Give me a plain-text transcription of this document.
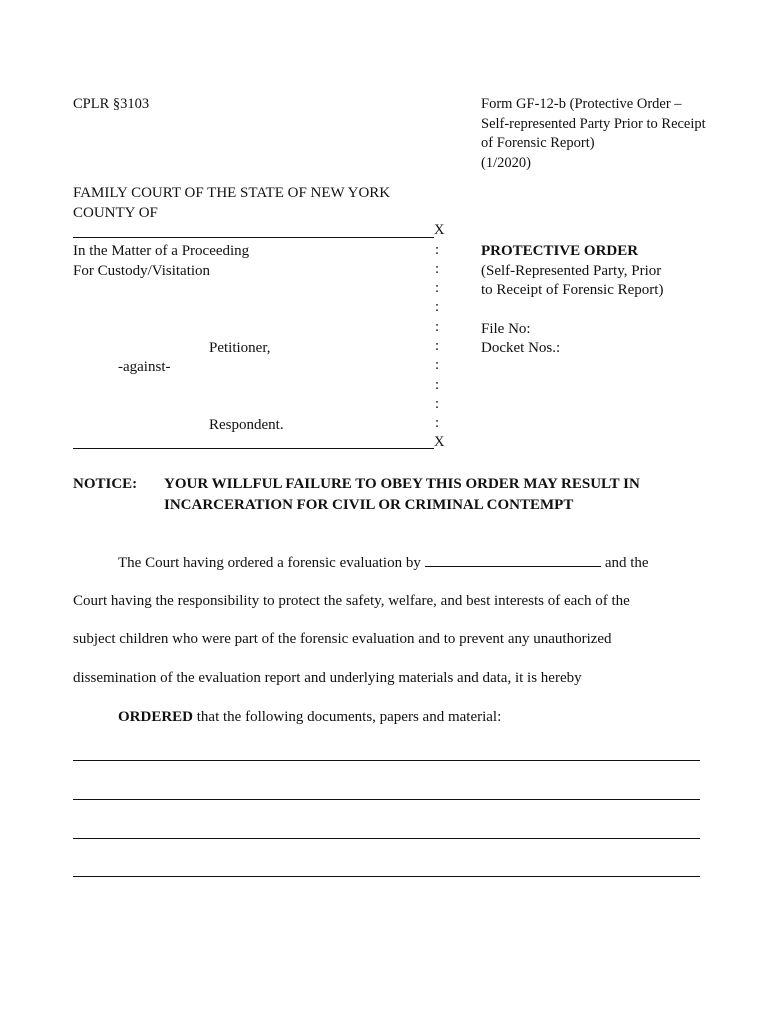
CPLR §3103	Form GF-12-b (Protective Order –
Self-represented Party Prior to Receipt
of Forensic Report)
(1/2020)
FAMILY COURT OF THE STATE OF NEW YORK
COUNTY OF
X
In the Matter of a Proceeding
For Custody/Visitation
Petitioner,
-against-
Respondent.
:
:
:
:
:
:
:
:
:
:
X
PROTECTIVE ORDER
(Self-Represented Party, Prior
to Receipt of Forensic Report)
File No:
Docket Nos.:
NOTICE: YOUR WILLFUL FAILURE TO OBEY THIS ORDER MAY RESULT IN
INCARCERATION FOR CIVIL OR CRIMINAL CONTEMPT
The Court having ordered a forensic evaluation by	and the
Court having the responsibility to protect the safety, welfare, and best interests of each of the
subject children who were part of the forensic evaluation and to prevent any unauthorized
dissemination of the evaluation report and underlying materials and data, it is hereby
ORDERED that the following documents, papers and material:
